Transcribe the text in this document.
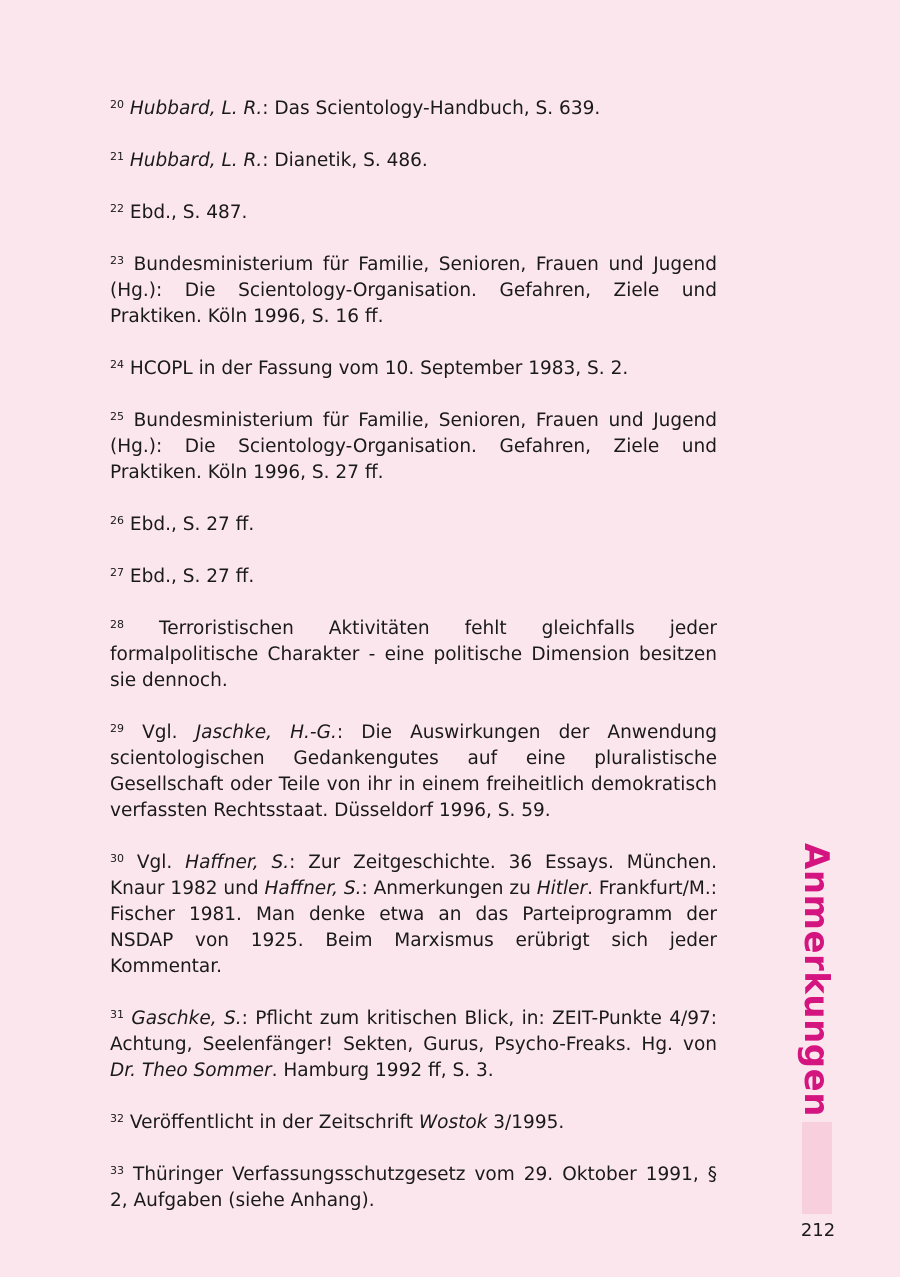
$^{20}$ Hubbard, L. R.: Das Scientology-Handbuch, S. 639.
$^{21}$ Hubbard, L. R.: Dianetik, S. 486.
$^{22}$ Ebd., S. 487.
$^{23}$ Bundesministerium für Familie, Senioren, Frauen und Jugend (Hg.): Die Scientology-Organisation. Gefahren, Ziele und Praktiken. Köln 1996, S. 16 ff.
$^{24}$ HCOPL in der Fassung vom 10. September 1983, S. 2.
$^{25}$ Bundesministerium für Familie, Senioren, Frauen und Jugend (Hg.): Die Scientology-Organisation. Gefahren, Ziele und Praktiken. Köln 1996, S. 27 ff.
$^{26}$ Ebd., S. 27 ff.
$^{27}$ Ebd., S. 27 ff.
$^{28}$ Terroristischen Aktivitäten fehlt gleichfalls jeder formalpolitische Charakter - eine politische Dimension besitzen sie dennoch.
$^{29}$ Vgl. Jaschke, H.-G.: Die Auswirkungen der Anwendung scientologischen Gedankengutes auf eine pluralistische Gesellschaft oder Teile von ihr in einem freiheitlich demokratisch verfassten Rechtsstaat. Düsseldorf 1996, S. 59.
$^{30}$ Vgl. Haffner, S.: Zur Zeitgeschichte. 36 Essays. München. Knaur 1982 und Haffner, S.: Anmerkungen zu Hitler. Frankfurt/M.: Fischer 1981. Man denke etwa an das Parteiprogramm der NSDAP von 1925. Beim Marxismus erübrigt sich jeder Kommentar.
$^{31}$ Gaschke, S.: Pflicht zum kritischen Blick, in: ZEIT-Punkte 4/97: Achtung, Seelenfänger! Sekten, Gurus, Psycho-Freaks. Hg. von Dr. Theo Sommer. Hamburg 1992 ff, S. 3.
$^{32}$ Veröffentlicht in der Zeitschrift Wostok 3/1995.
$^{33}$ Thüringer Verfassungsschutzgesetz vom 29. Oktober 1991, § 2, Aufgaben (siehe Anhang).
Anmerkungen
212
